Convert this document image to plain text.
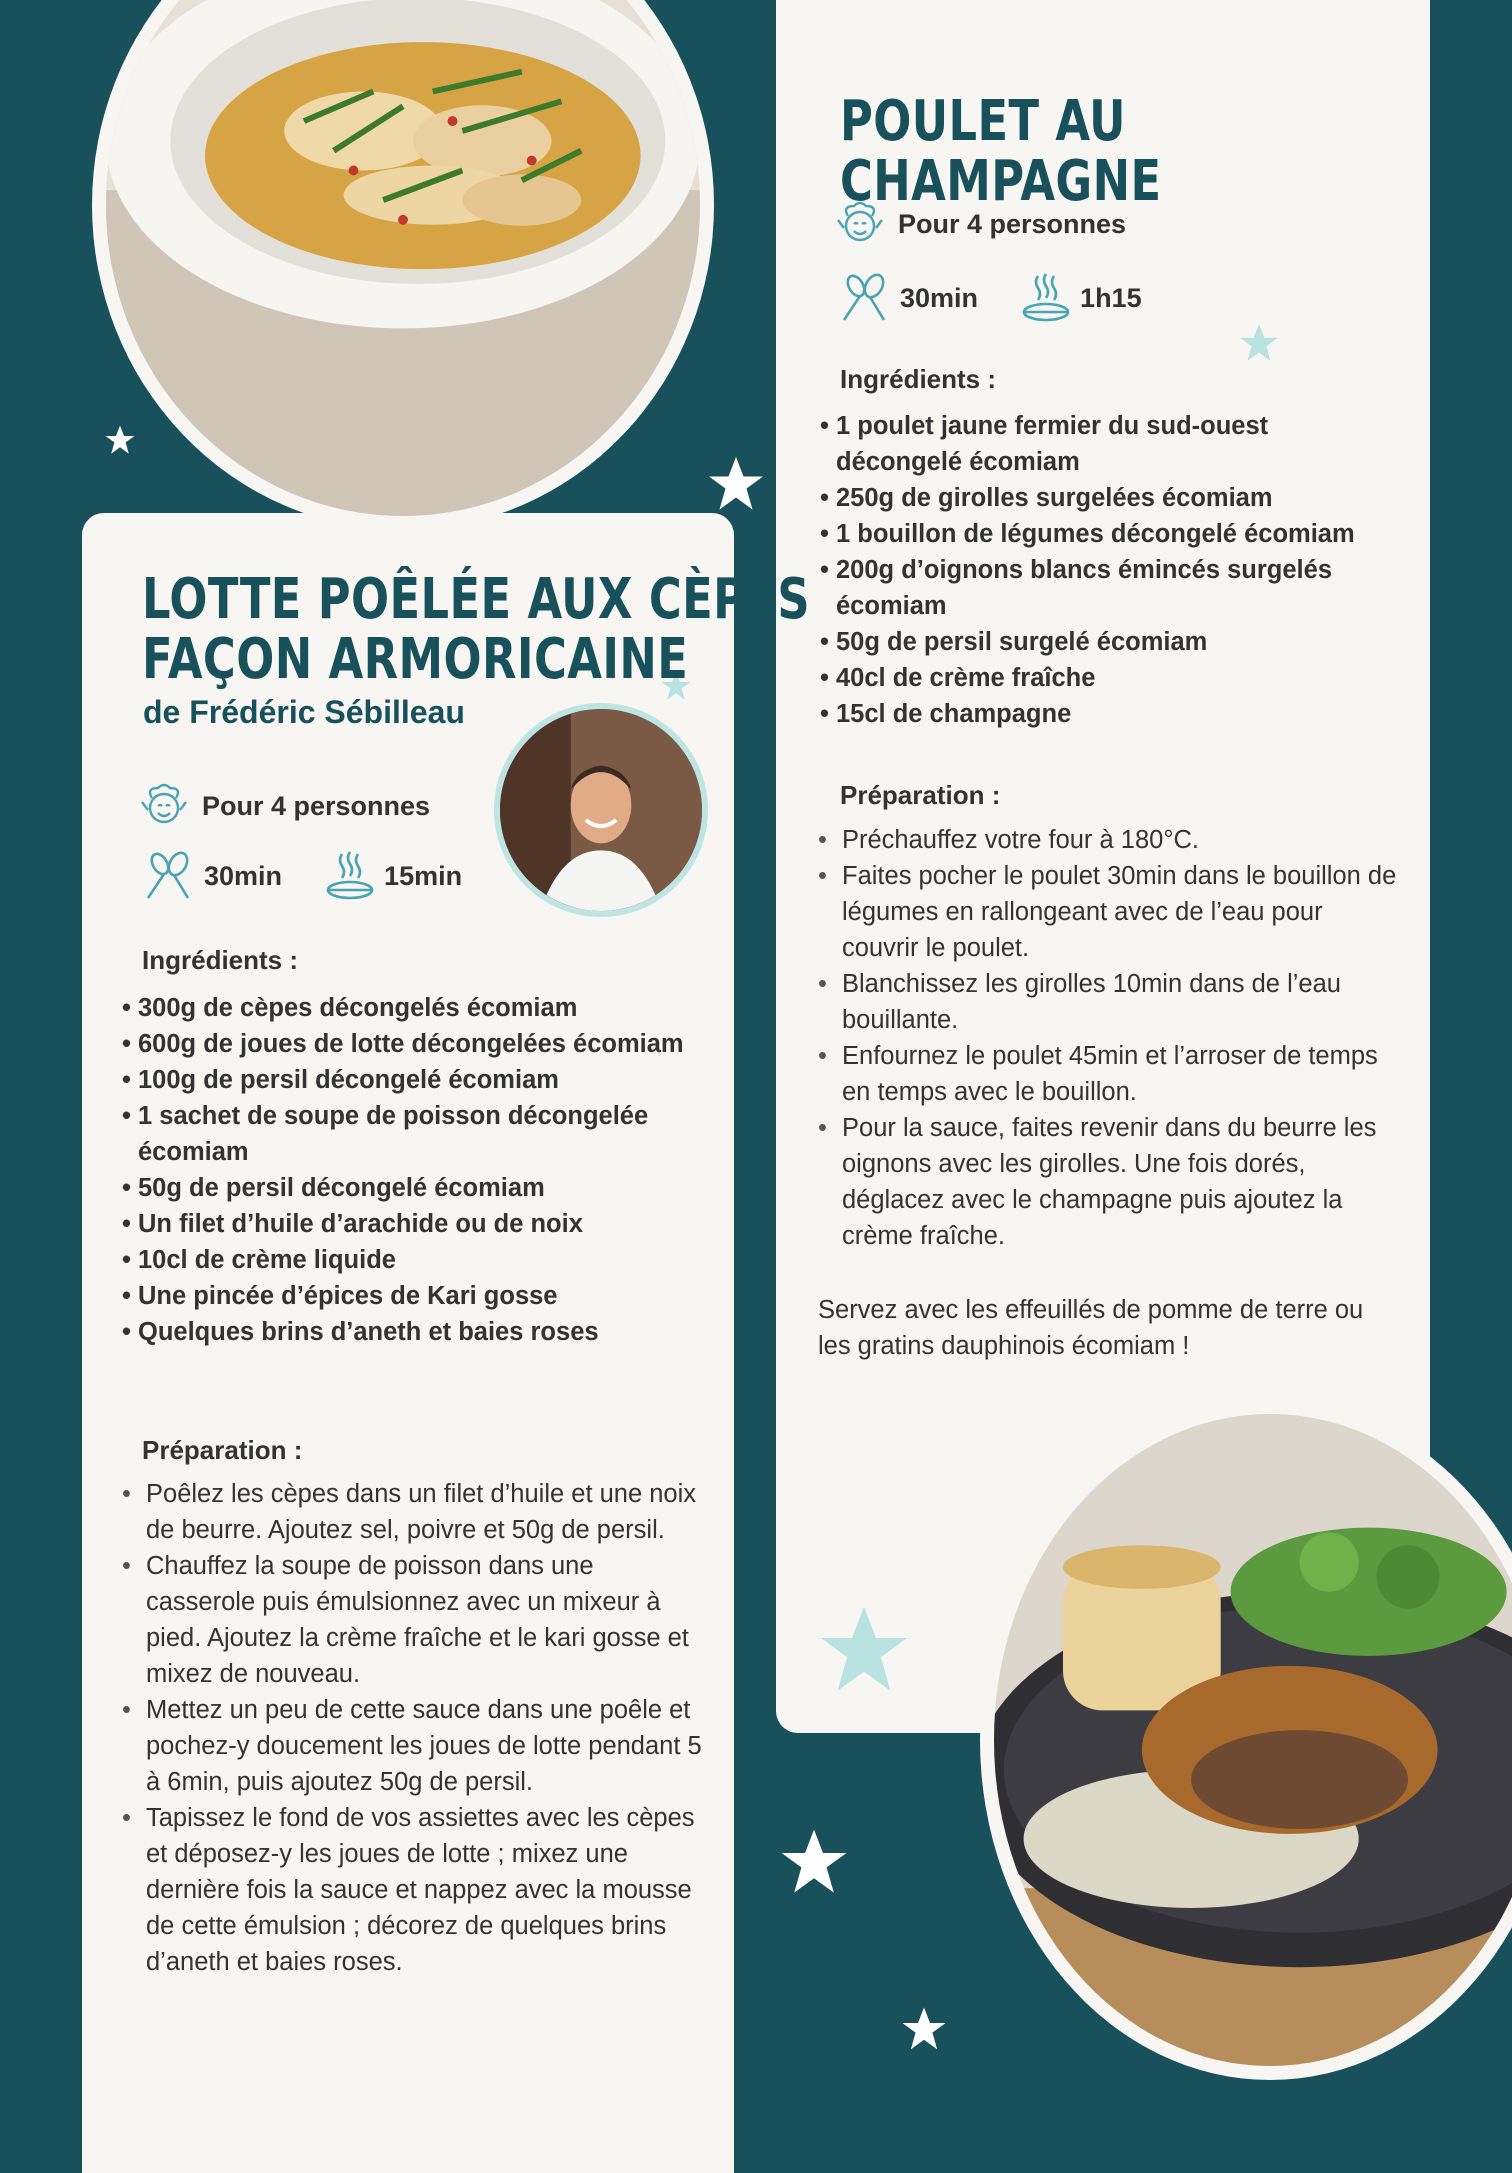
LOTTE POÊLÉE AUX CÈPES
FAÇON ARMORICAINE

de Frédéric Sébilleau

Pour 4 personnes
30min	15min

Ingrédients :

• 300g de cèpes décongelés écomiam
• 600g de joues de lotte décongelées écomiam
• 100g de persil décongelé écomiam
• 1 sachet de soupe de poisson décongelée écomiam
• 50g de persil décongelé écomiam
• Un filet d’huile d’arachide ou de noix
• 10cl de crème liquide
• Une pincée d’épices de Kari gosse
• Quelques brins d’aneth et baies roses

Préparation :

• Poêlez les cèpes dans un filet d’huile et une noix de beurre. Ajoutez sel, poivre et 50g de persil.
• Chauffez la soupe de poisson dans une casserole puis émulsionnez avec un mixeur à pied. Ajoutez la crème fraîche et le kari gosse et mixez de nouveau.
• Mettez un peu de cette sauce dans une poêle et pochez-y doucement les joues de lotte pendant 5 à 6min, puis ajoutez 50g de persil.
• Tapissez le fond de vos assiettes avec les cèpes et déposez-y les joues de lotte ; mixez une dernière fois la sauce et nappez avec la mousse de cette émulsion ; décorez de quelques brins d’aneth et baies roses.
POULET AU CHAMPAGNE
Pour 4 personnes
30min	1h15

Ingrédients :

• 1 poulet jaune fermier du sud-ouest décongelé écomiam
• 250g de girolles surgelées écomiam
• 1 bouillon de légumes décongelé écomiam
• 200g d’oignons blancs émincés surgelés écomiam
• 50g de persil surgelé écomiam
• 40cl de crème fraîche
• 15cl de champagne

Préparation :

• Préchauffez votre four à 180°C.
• Faites pocher le poulet 30min dans le bouillon de légumes en rallongeant avec de l’eau pour couvrir le poulet.
• Blanchissez les girolles 10min dans de l’eau bouillante.
• Enfournez le poulet 45min et l’arroser de temps en temps avec le bouillon.
• Pour la sauce, faites revenir dans du beurre les oignons avec les girolles. Une fois dorés, déglacez avec le champagne puis ajoutez la crème fraîche.

Servez avec les effeuillés de pomme de terre ou les gratins dauphinois écomiam !
